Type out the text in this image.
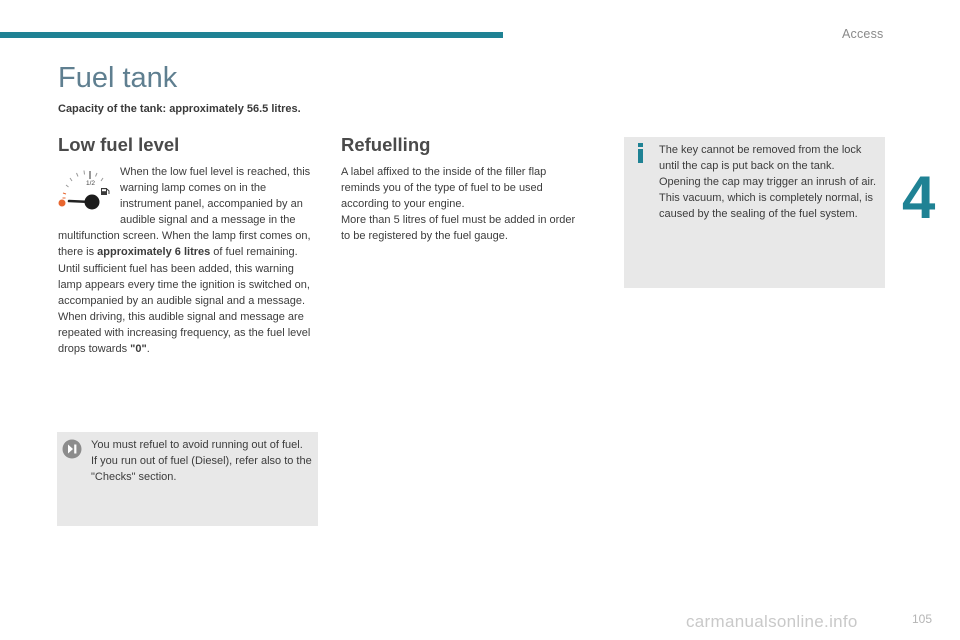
Access
4
Fuel tank
Capacity of the tank: approximately 56.5 litres.
Low fuel level
1/2

When the low fuel level is reached, this warning lamp comes on in the instrument panel, accompanied by an audible signal and a message in the multifunction screen. When the lamp first comes on, there is approximately 6 litres of fuel remaining.

Until sufficient fuel has been added, this warning lamp appears every time the ignition is switched on, accompanied by an audible signal and a message. When driving, this audible signal and message are repeated with increasing frequency, as the fuel level drops towards "0".

You must refuel to avoid running out of fuel.

If you run out of fuel (Diesel), refer also to the "Checks" section.

Refuelling

A label affixed to the inside of the filler flap reminds you of the type of fuel to be used according to your engine.

More than 5 litres of fuel must be added in order to be registered by the fuel gauge.

The key cannot be removed from the lock until the cap is put back on the tank.

Opening the cap may trigger an inrush of air. This vacuum, which is completely normal, is caused by the sealing of the fuel system.

carmanualsonline.info	105
